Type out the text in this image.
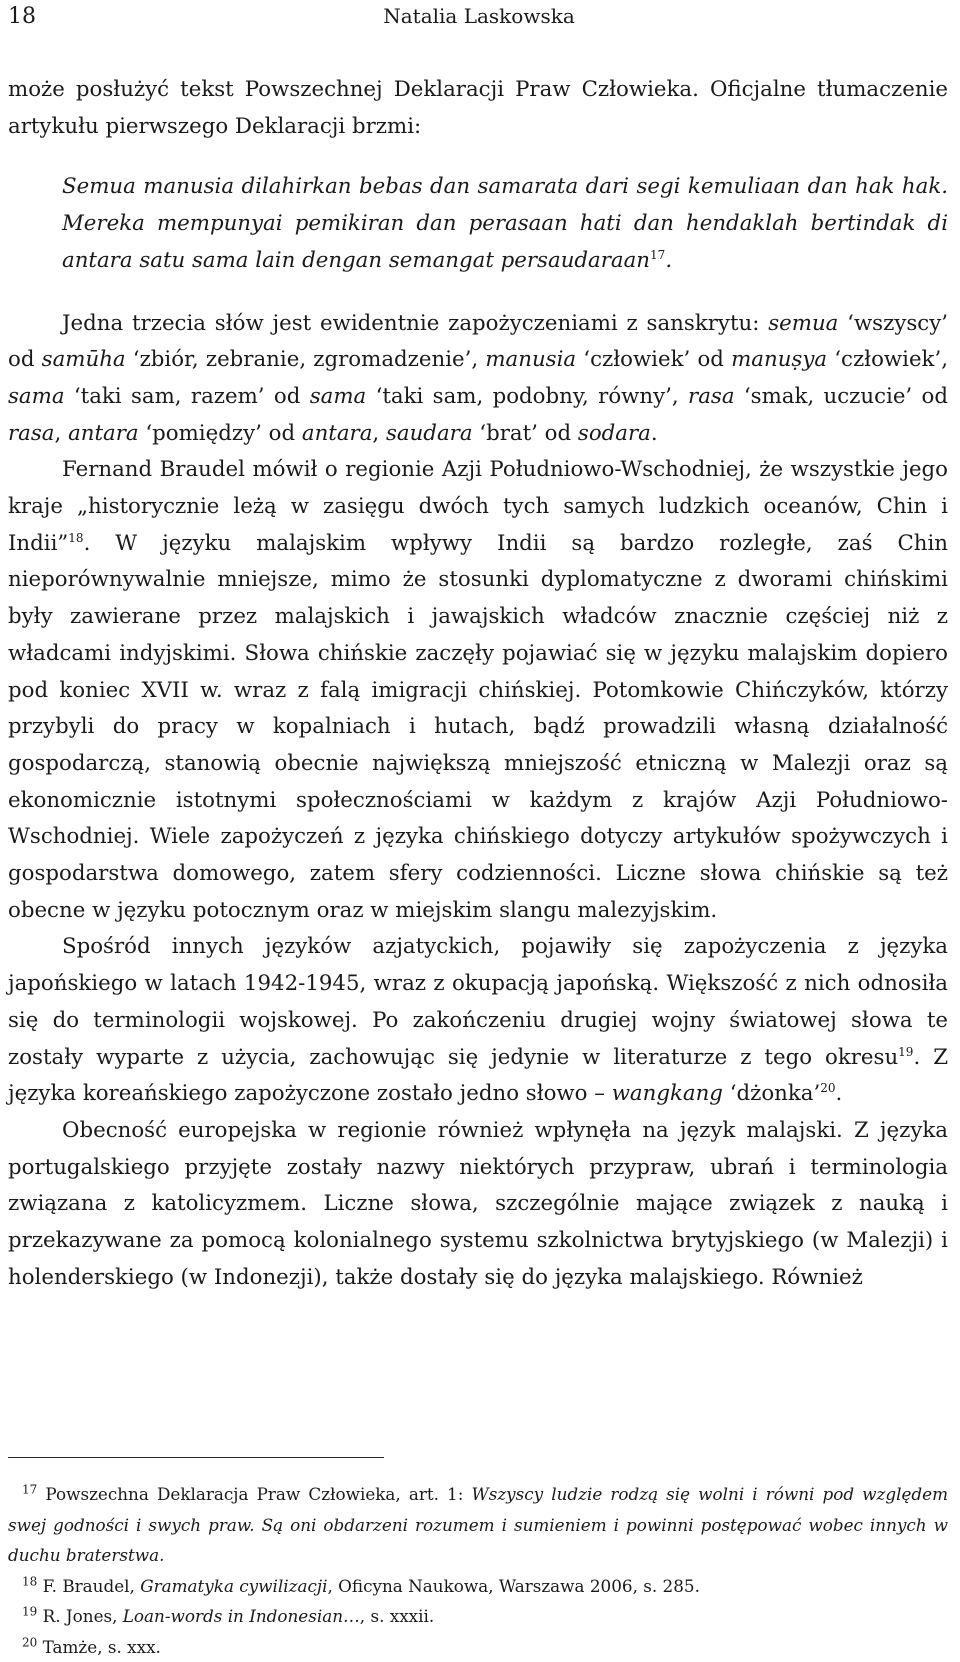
18	Natalia Laskowska

może posłużyć tekst Powszechnej Deklaracji Praw Człowieka. Oficjalne tłumaczenie artykułu pierwszego Deklaracji brzmi:

Semua manusia dilahirkan bebas dan samarata dari segi kemuliaan dan hak hak. Mereka mempunyai pemikiran dan perasaan hati dan hendaklah bertindak di antara satu sama lain dengan semangat persaudaraan$^{17}$.

Jedna trzecia słów jest ewidentnie zapożyczeniami z sanskrytu: semua ‘wszyscy’ od samūha ‘zbiór, zebranie, zgromadzenie’, manusia ‘człowiek’ od manuṣya ‘człowiek’, sama ‘taki sam, razem’ od sama ‘taki sam, podobny, równy’, rasa ‘smak, uczucie’ od rasa, antara ‘pomiędzy’ od antara, saudara ‘brat’ od sodara.

Fernand Braudel mówił o regionie Azji Południowo-Wschodniej, że wszystkie jego kraje „historycznie leżą w zasięgu dwóch tych samych ludzkich oceanów, Chin i Indii”$^{18}$. W języku malajskim wpływy Indii są bardzo rozległe, zaś Chin nieporównywalnie mniejsze, mimo że stosunki dyplomatyczne z dworami chińskimi były zawierane przez malajskich i jawajskich władców znacznie częściej niż z władcami indyjskimi. Słowa chińskie zaczęły pojawiać się w języku malajskim dopiero pod koniec XVII w. wraz z falą imigracji chińskiej. Potomkowie Chińczyków, którzy przybyli do pracy w kopalniach i hutach, bądź prowadzili własną działalność gospodarczą, stanowią obecnie największą mniejszość etniczną w Malezji oraz są ekonomicznie istotnymi społecznościami w każdym z krajów Azji Południowo-Wschodniej. Wiele zapożyczeń z języka chińskiego dotyczy artykułów spożywczych i gospodarstwa domowego, zatem sfery codzienności. Liczne słowa chińskie są też obecne w języku potocznym oraz w miejskim slangu malezyjskim.

Spośród innych języków azjatyckich, pojawiły się zapożyczenia z języka japońskiego w latach 1942-1945, wraz z okupacją japońską. Większość z nich odnosiła się do terminologii wojskowej. Po zakończeniu drugiej wojny światowej słowa te zostały wyparte z użycia, zachowując się jedynie w literaturze z tego okresu$^{19}$. Z języka koreańskiego zapożyczone zostało jedno słowo – wangkang ‘dżonka’$^{20}$.

Obecność europejska w regionie również wpłynęła na język malajski. Z języka portugalskiego przyjęte zostały nazwy niektórych przypraw, ubrań i terminologia związana z katolicyzmem. Liczne słowa, szczególnie mające związek z nauką i przekazywane za pomocą kolonialnego systemu szkolnictwa brytyjskiego (w Malezji) i holenderskiego (w Indonezji), także dostały się do języka malajskiego. Również

$^{17}$ Powszechna Deklaracja Praw Człowieka, art. 1: Wszyscy ludzie rodzą się wolni i równi pod względem swej godności i swych praw. Są oni obdarzeni rozumem i sumieniem i powinni postępować wobec innych w duchu braterstwa.

$^{18}$ F. Braudel, Gramatyka cywilizacji, Oficyna Naukowa, Warszawa 2006, s. 285.

$^{19}$ R. Jones, Loan-words in Indonesian…, s. xxxii.

$^{20}$ Tamże, s. xxx.
